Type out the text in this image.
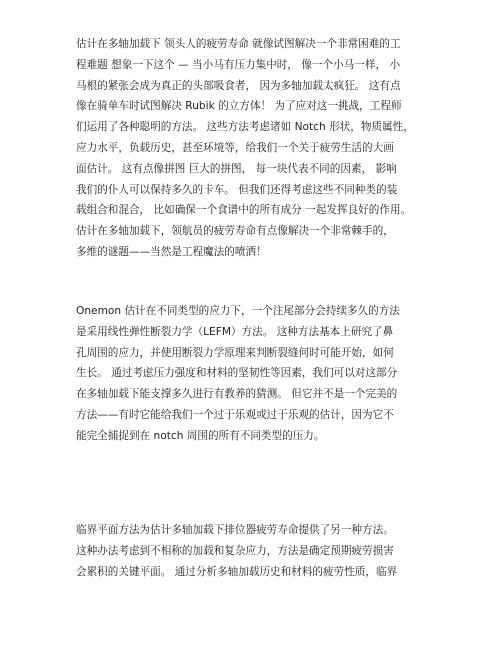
估计在多轴加载下 领头人的疲劳寿命 就像试图解决一个非常困难的工
程难题 想象一下这个 — 当小马有压力集中时， 像一个小马一样， 小
马根的紧张会成为真正的头部吸食者， 因为多轴加载太疯狂。 这有点
像在骑单车时试图解决 Rubik 的立方体！ 为了应对这一挑战，工程师
们运用了各种聪明的方法。 这些方法考虑诸如 Notch 形状，物质属性，
应力水平，负载历史，甚至环境等，给我们一个关于疲劳生活的大画
面估计。 这有点像拼图 巨大的拼图， 每一块代表不同的因素， 影响
我们的仆人可以保持多久的卡车。 但我们还得考虑这些不同种类的装
载组合和混合， 比如确保一个食谱中的所有成分 一起发挥良好的作用。
估计在多轴加载下，领航员的疲劳寿命有点像解决一个非常棘手的，
多维的谜题——当然是工程魔法的喷洒！
Onemon 估计在不同类型的应力下，一个注尾部分会持续多久的方法
是采用线性弹性断裂力学（LEFM）方法。 这种方法基本上研究了鼻
孔周围的应力，并使用断裂力学原理来判断裂缝何时可能开始，如何
生长。 通过考虑压力强度和材料的坚韧性等因素，我们可以对这部分
在多轴加载下能支撑多久进行有教养的猜测。 但它并不是一个完美的
方法——有时它能给我们一个过于乐观或过于乐观的估计，因为它不
能完全捕捉到在 notch 周围的所有不同类型的压力。
临界平面方法为估计多轴加载下排位器疲劳寿命提供了另一种方法。
这种办法考虑到不相称的加载和复杂应力，方法是确定预期疲劳损害
会累积的关键平面。 通过分析多轴加载历史和材料的疲劳性质，临界
